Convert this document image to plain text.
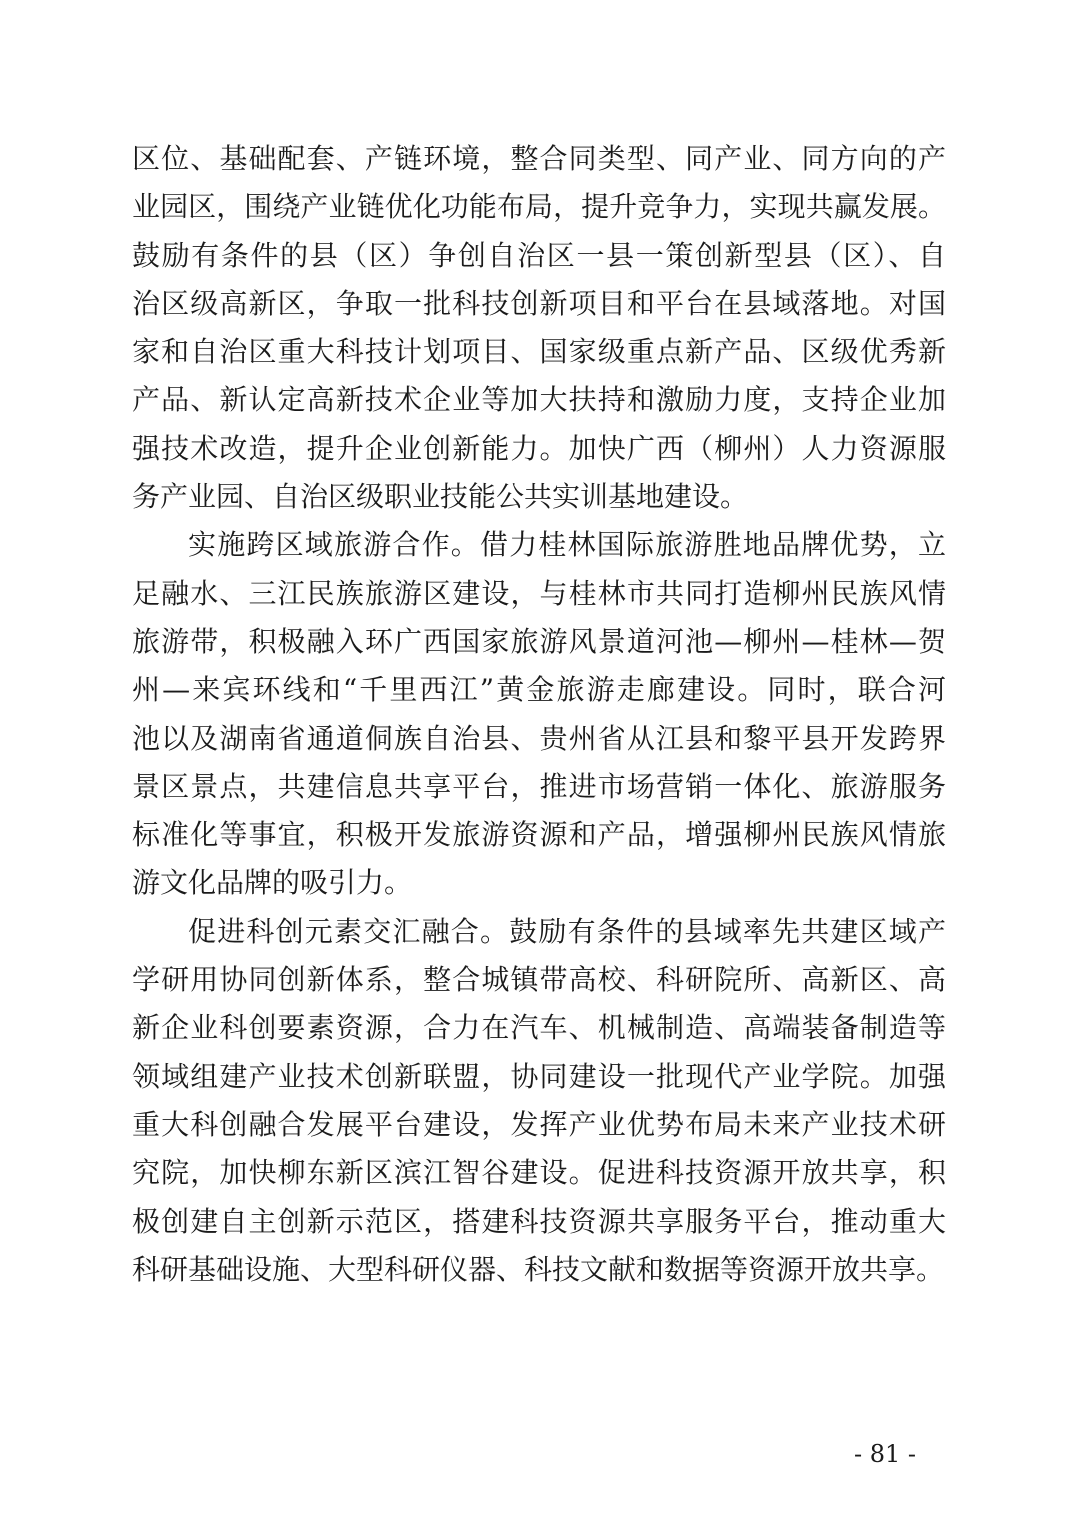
区位、基础配套、产链环境，整合同类型、同产业、同方向的产
业园区，围绕产业链优化功能布局，提升竞争力，实现共赢发展。
鼓励有条件的县（区）争创自治区一县一策创新型县（区）、自
治区级高新区，争取一批科技创新项目和平台在县域落地。对国
家和自治区重大科技计划项目、国家级重点新产品、区级优秀新
产品、新认定高新技术企业等加大扶持和激励力度，支持企业加
强技术改造，提升企业创新能力。加快广西（柳州）人力资源服
务产业园、自治区级职业技能公共实训基地建设。
实施跨区域旅游合作。借力桂林国际旅游胜地品牌优势，立
足融水、三江民族旅游区建设，与桂林市共同打造柳州民族风情
旅游带，积极融入环广西国家旅游风景道河池—柳州—桂林—贺
州—来宾环线和“千里西江”黄金旅游走廊建设。同时，联合河
池以及湖南省通道侗族自治县、贵州省从江县和黎平县开发跨界
景区景点，共建信息共享平台，推进市场营销一体化、旅游服务
标准化等事宜，积极开发旅游资源和产品，增强柳州民族风情旅
游文化品牌的吸引力。
促进科创元素交汇融合。鼓励有条件的县域率先共建区域产
学研用协同创新体系，整合城镇带高校、科研院所、高新区、高
新企业科创要素资源，合力在汽车、机械制造、高端装备制造等
领域组建产业技术创新联盟，协同建设一批现代产业学院。加强
重大科创融合发展平台建设，发挥产业优势布局未来产业技术研
究院，加快柳东新区滨江智谷建设。促进科技资源开放共享，积
极创建自主创新示范区，搭建科技资源共享服务平台，推动重大
科研基础设施、大型科研仪器、科技文献和数据等资源开放共享。
- 81 -
